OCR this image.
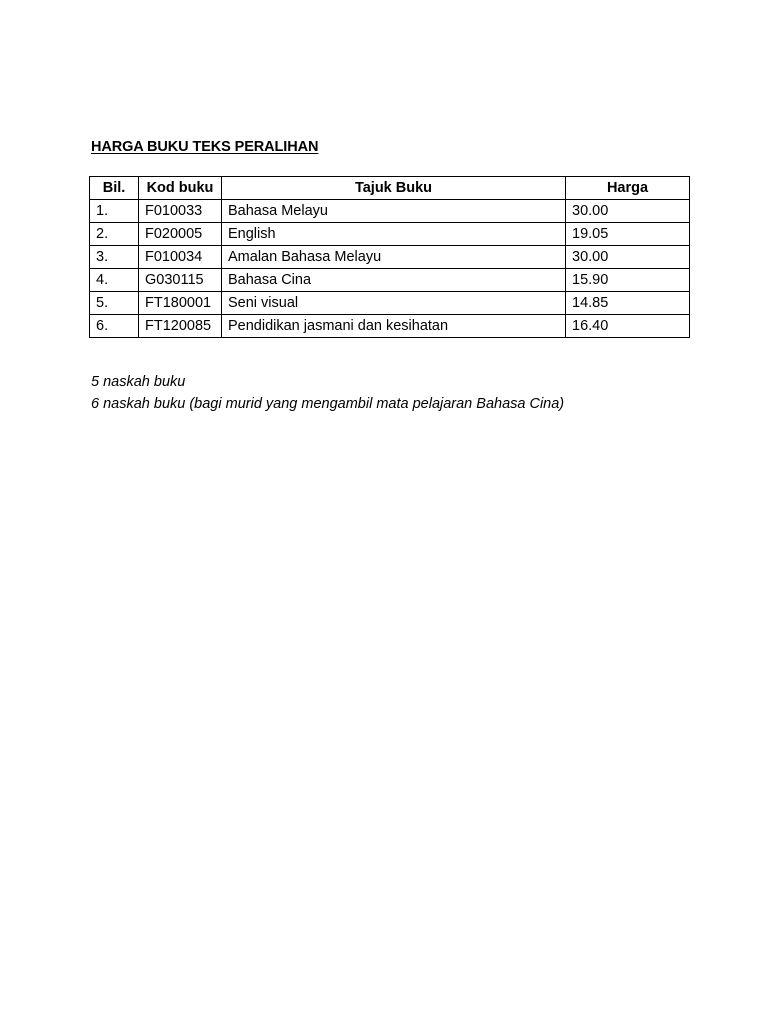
HARGA BUKU TEKS PERALIHAN
Bil.	Kod buku	Tajuk Buku	Harga
1.	F010033	Bahasa Melayu	30.00
2.	F020005	English	19.05
3.	F010034	Amalan Bahasa Melayu	30.00
4.	G030115	Bahasa Cina	15.90
5.	FT180001	Seni visual	14.85
6.	FT120085	Pendidikan jasmani dan kesihatan	16.40
5 naskah buku
6 naskah buku (bagi murid yang mengambil mata pelajaran Bahasa Cina)
